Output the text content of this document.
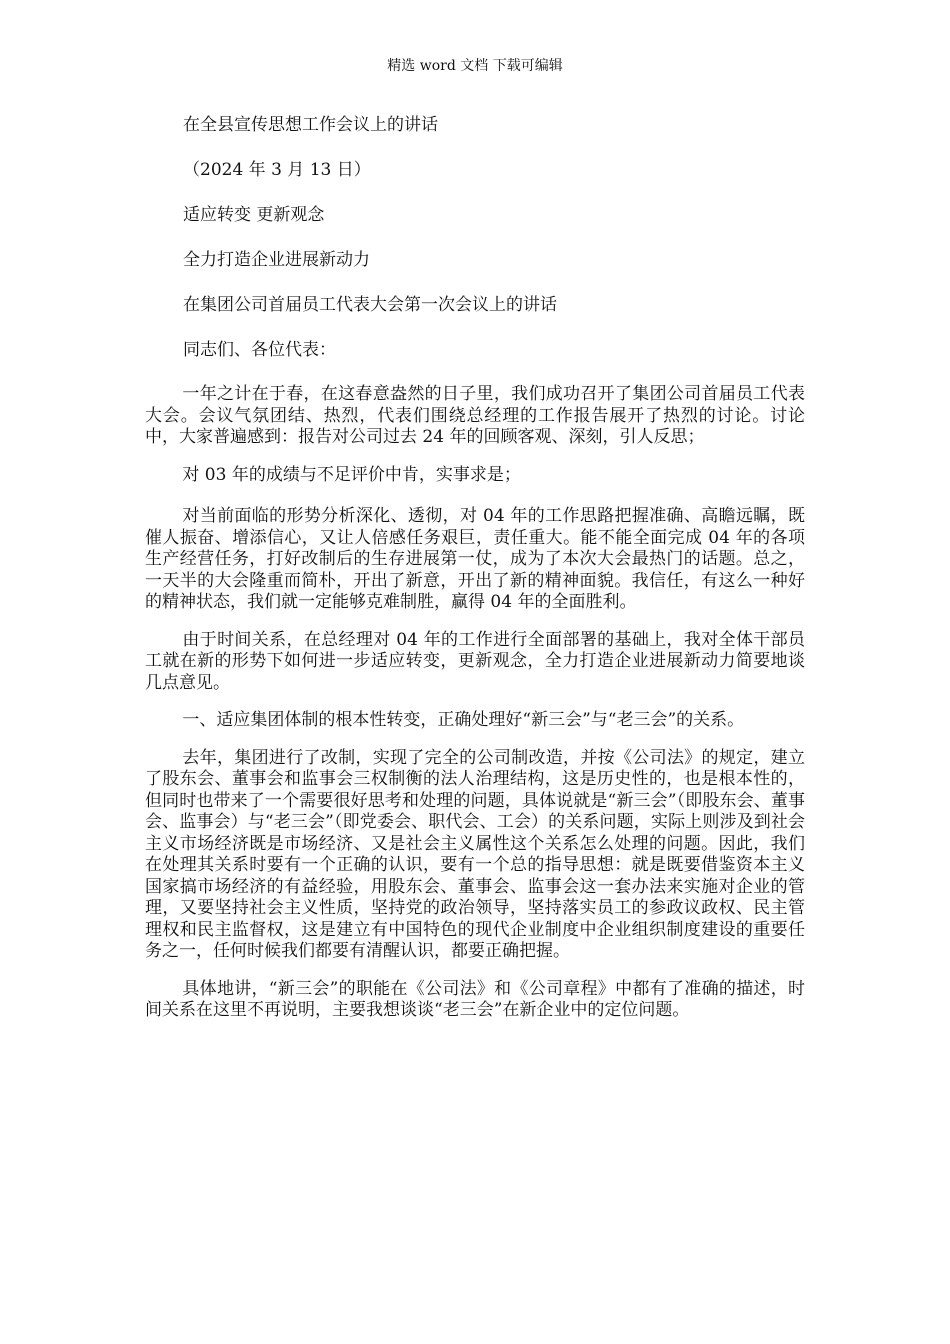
精选 word 文档 下载可编辑

在全县宣传思想工作会议上的讲话

（2024 年 3 月 13 日）

适应转变 更新观念

全力打造企业进展新动力

在集团公司首届员工代表大会第一次会议上的讲话

同志们、各位代表：

一年之计在于春，在这春意盎然的日子里，我们成功召开了集团公司首届员工代表大会。会议气氛团结、热烈，代表们围绕总经理的工作报告展开了热烈的讨论。讨论中，大家普遍感到：报告对公司过去 24 年的回顾客观、深刻，引人反思；

对 03 年的成绩与不足评价中肯，实事求是；

对当前面临的形势分析深化、透彻，对 04 年的工作思路把握准确、高瞻远瞩，既催人振奋、增添信心，又让人倍感任务艰巨，责任重大。能不能全面完成 04 年的各项生产经营任务，打好改制后的生存进展第一仗，成为了本次大会最热门的话题。总之，一天半的大会隆重而简朴，开出了新意，开出了新的精神面貌。我信任，有这么一种好的精神状态，我们就一定能够克难制胜，赢得 04 年的全面胜利。

由于时间关系，在总经理对 04 年的工作进行全面部署的基础上，我对全体干部员工就在新的形势下如何进一步适应转变，更新观念，全力打造企业进展新动力简要地谈几点意见。

一、适应集团体制的根本性转变，正确处理好“新三会”与“老三会”的关系。

去年，集团进行了改制，实现了完全的公司制改造，并按《公司法》的规定，建立了股东会、董事会和监事会三权制衡的法人治理结构，这是历史性的，也是根本性的，但同时也带来了一个需要很好思考和处理的问题，具体说就是“新三会”（即股东会、董事会、监事会）与“老三会”（即党委会、职代会、工会）的关系问题，实际上则涉及到社会主义市场经济既是市场经济、又是社会主义属性这个关系怎么处理的问题。因此，我们在处理其关系时要有一个正确的认识，要有一个总的指导思想：就是既要借鉴资本主义国家搞市场经济的有益经验，用股东会、董事会、监事会这一套办法来实施对企业的管理，又要坚持社会主义性质，坚持党的政治领导，坚持落实员工的参政议政权、民主管理权和民主监督权，这是建立有中国特色的现代企业制度中企业组织制度建设的重要任务之一，任何时候我们都要有清醒认识，都要正确把握。

具体地讲，“新三会”的职能在《公司法》和《公司章程》中都有了准确的描述，时间关系在这里不再说明，主要我想谈谈“老三会”在新企业中的定位问题。
